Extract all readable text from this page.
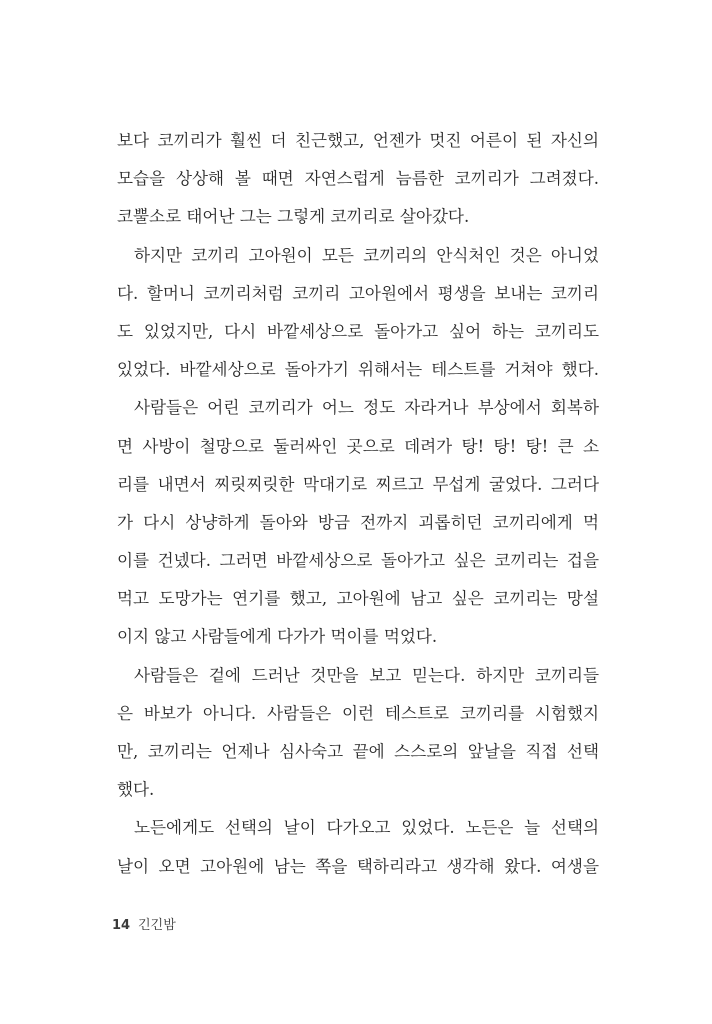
보다 코끼리가 훨씬 더 친근했고, 언젠가 멋진 어른이 된 자신의
모습을 상상해 볼 때면 자연스럽게 늠름한 코끼리가 그려졌다.
코뿔소로 태어난 그는 그렇게 코끼리로 살아갔다.
하지만 코끼리 고아원이 모든 코끼리의 안식처인 것은 아니었
다. 할머니 코끼리처럼 코끼리 고아원에서 평생을 보내는 코끼리
도 있었지만, 다시 바깥세상으로 돌아가고 싶어 하는 코끼리도
있었다. 바깥세상으로 돌아가기 위해서는 테스트를 거쳐야 했다.
사람들은 어린 코끼리가 어느 정도 자라거나 부상에서 회복하
면 사방이 철망으로 둘러싸인 곳으로 데려가 탕! 탕! 탕! 큰 소
리를 내면서 찌릿찌릿한 막대기로 찌르고 무섭게 굴었다. 그러다
가 다시 상냥하게 돌아와 방금 전까지 괴롭히던 코끼리에게 먹
이를 건넸다. 그러면 바깥세상으로 돌아가고 싶은 코끼리는 겁을
먹고 도망가는 연기를 했고, 고아원에 남고 싶은 코끼리는 망설
이지 않고 사람들에게 다가가 먹이를 먹었다.
사람들은 겉에 드러난 것만을 보고 믿는다. 하지만 코끼리들
은 바보가 아니다. 사람들은 이런 테스트로 코끼리를 시험했지
만, 코끼리는 언제나 심사숙고 끝에 스스로의 앞날을 직접 선택
했다.
노든에게도 선택의 날이 다가오고 있었다. 노든은 늘 선택의
날이 오면 고아원에 남는 쪽을 택하리라고 생각해 왔다. 여생을
14 긴긴밤
